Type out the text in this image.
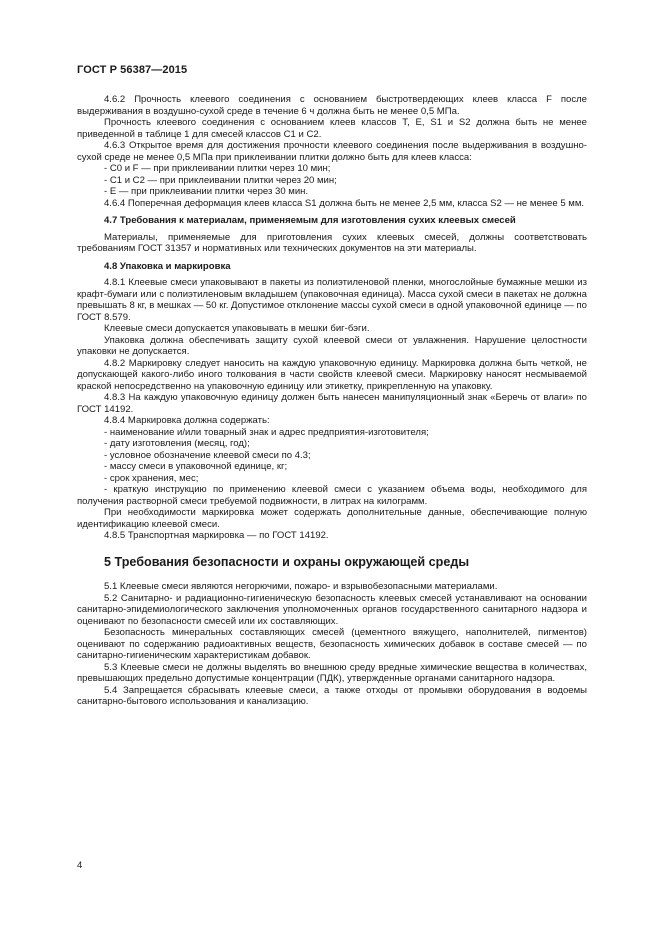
ГОСТ Р 56387—2015

4.6.2 Прочность клеевого соединения с основанием быстротвердеющих клеев класса F после выдерживания в воздушно-сухой среде в течение 6 ч должна быть не менее 0,5 МПа.

Прочность клеевого соединения с основанием клеев классов T, E, S1 и S2 должна быть не менее приведенной в таблице 1 для смесей классов C1 и C2.

4.6.3 Открытое время для достижения прочности клеевого соединения после выдерживания в воздушно-сухой среде не менее 0,5 МПа при приклеивании плитки должно быть для клеев класса:

- C0 и F — при приклеивании плитки через 10 мин;

- C1 и C2 — при приклеивании плитки через 20 мин;

- E — при приклеивании плитки через 30 мин.

4.6.4 Поперечная деформация клеев класса S1 должна быть не менее 2,5 мм, класса S2 — не менее 5 мм.

4.7 Требования к материалам, применяемым для изготовления сухих клеевых смесей

Материалы, применяемые для приготовления сухих клеевых смесей, должны соответствовать требованиям ГОСТ 31357 и нормативных или технических документов на эти материалы.

4.8 Упаковка и маркировка

4.8.1 Клеевые смеси упаковывают в пакеты из полиэтиленовой пленки, многослойные бумажные мешки из крафт-бумаги или с полиэтиленовым вкладышем (упаковочная единица). Масса сухой смеси в пакетах не должна превышать 8 кг, в мешках — 50 кг. Допустимое отклонение массы сухой смеси в одной упаковочной единице — по ГОСТ 8.579.

Клеевые смеси допускается упаковывать в мешки биг-бэги.

Упаковка должна обеспечивать защиту сухой клеевой смеси от увлажнения. Нарушение целостности упаковки не допускается.

4.8.2 Маркировку следует наносить на каждую упаковочную единицу. Маркировка должна быть четкой, не допускающей какого-либо иного толкования в части свойств клеевой смеси. Маркировку наносят несмываемой краской непосредственно на упаковочную единицу или этикетку, прикрепленную на упаковку.

4.8.3 На каждую упаковочную единицу должен быть нанесен манипуляционный знак «Беречь от влаги» по ГОСТ 14192.

4.8.4 Маркировка должна содержать:

- наименование и/или товарный знак и адрес предприятия-изготовителя;

- дату изготовления (месяц, год);

- условное обозначение клеевой смеси по 4.3;

- массу смеси в упаковочной единице, кг;

- срок хранения, мес;

- краткую инструкцию по применению клеевой смеси с указанием объема воды, необходимого для получения растворной смеси требуемой подвижности, в литрах на килограмм.

При необходимости маркировка может содержать дополнительные данные, обеспечивающие полную идентификацию клеевой смеси.

4.8.5 Транспортная маркировка — по ГОСТ 14192.

5 Требования безопасности и охраны окружающей среды

5.1 Клеевые смеси являются негорючими, пожаро- и взрывобезопасными материалами.

5.2 Санитарно- и радиационно-гигиеническую безопасность клеевых смесей устанавливают на основании санитарно-эпидемиологического заключения уполномоченных органов государственного санитарного надзора и оценивают по безопасности смесей или их составляющих.

Безопасность минеральных составляющих смесей (цементного вяжущего, наполнителей, пигментов) оценивают по содержанию радиоактивных веществ, безопасность химических добавок в составе смесей — по санитарно-гигиеническим характеристикам добавок.

5.3 Клеевые смеси не должны выделять во внешнюю среду вредные химические вещества в количествах, превышающих предельно допустимые концентрации (ПДК), утвержденные органами санитарного надзора.

5.4 Запрещается сбрасывать клеевые смеси, а также отходы от промывки оборудования в водоемы санитарно-бытового использования и канализацию.

4
